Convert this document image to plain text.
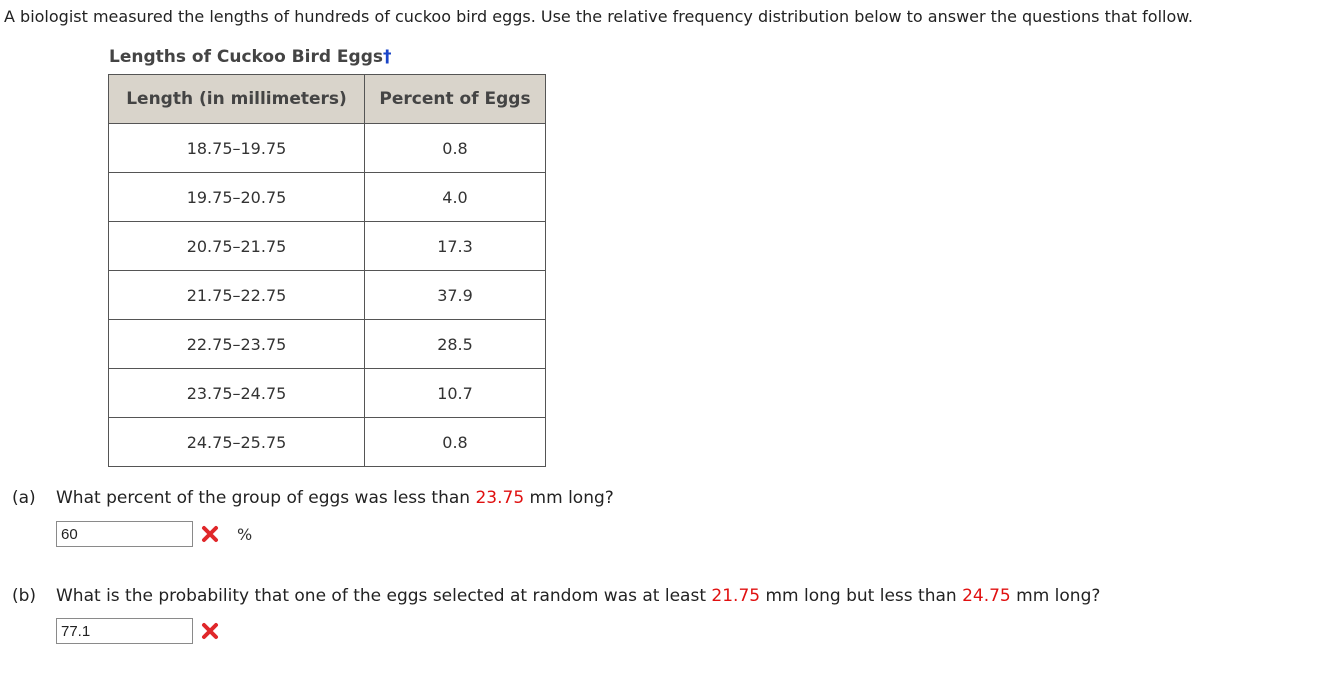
A biologist measured the lengths of hundreds of cuckoo bird eggs. Use the relative frequency distribution below to answer the questions that follow.
Lengths of Cuckoo Bird Eggs†
Length (in millimeters)	Percent of Eggs
18.75–19.75	0.8
19.75–20.75	4.0
20.75–21.75	17.3
21.75–22.75	37.9
22.75–23.75	28.5
23.75–24.75	10.7
24.75–25.75	0.8
(a) What percent of the group of eggs was less than 23.75 mm long?
60
%
(b) What is the probability that one of the eggs selected at random was at least 21.75 mm long but less than 24.75 mm long?
77.1
